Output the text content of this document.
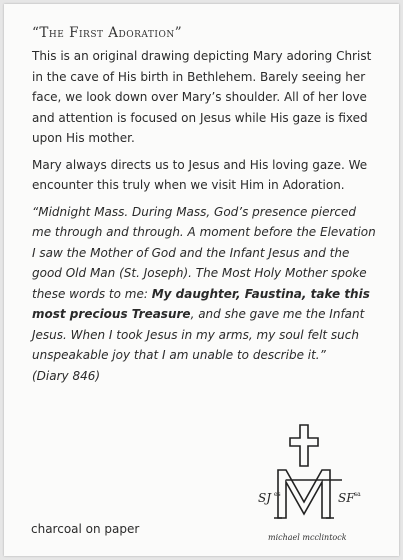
“The First Adoration”

This is an original drawing depicting Mary adoring Christ in the cave of His birth in Bethlehem. Barely seeing her face, we look down over Mary’s shoulder. All of her love and attention is focused on Jesus while His gaze is fixed upon His mother.

Mary always directs us to Jesus and His loving gaze. We encounter this truly when we visit Him in Adoration.

“Midnight Mass. During Mass, God’s presence pierced me through and through. A moment before the Elevation I saw the Mother of God and the Infant Jesus and the good Old Man (St. Joseph). The Most Holy Mother spoke these words to me: My daughter, Faustina, take this most precious Treasure, and she gave me the Infant Jesus. When I took Jesus in my arms, my soul felt such unspeakable joy that I am unable to describe it.”
(Diary 846)

SJ es	SF sa
michael mcclintock
charcoal on paper
